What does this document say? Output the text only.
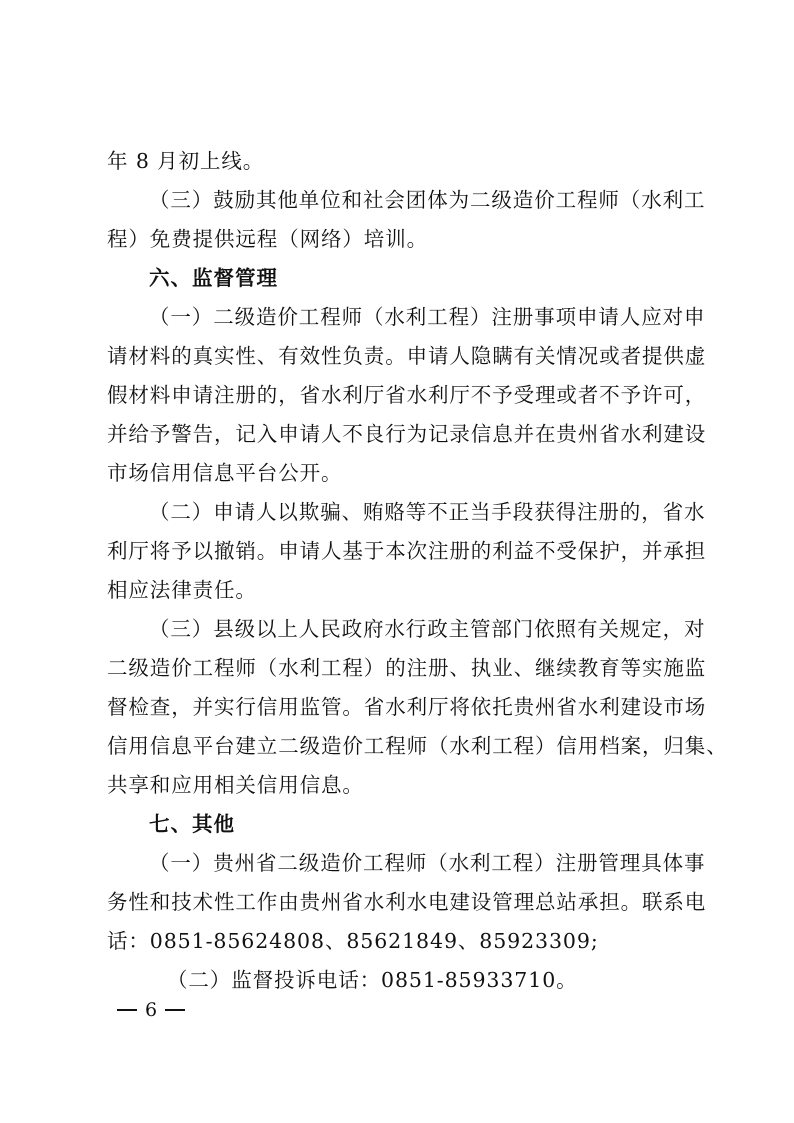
年 8 月初上线。
（三）鼓励其他单位和社会团体为二级造价工程师（水利工
程）免费提供远程（网络）培训。
六、监督管理
（一）二级造价工程师（水利工程）注册事项申请人应对申
请材料的真实性、有效性负责。申请人隐瞒有关情况或者提供虚
假材料申请注册的，省水利厅省水利厅不予受理或者不予许可，
并给予警告，记入申请人不良行为记录信息并在贵州省水利建设
市场信用信息平台公开。
（二）申请人以欺骗、贿赂等不正当手段获得注册的，省水
利厅将予以撤销。申请人基于本次注册的利益不受保护，并承担
相应法律责任。
（三）县级以上人民政府水行政主管部门依照有关规定，对
二级造价工程师（水利工程）的注册、执业、继续教育等实施监
督检查，并实行信用监管。省水利厅将依托贵州省水利建设市场
信用信息平台建立二级造价工程师（水利工程）信用档案，归集、
共享和应用相关信用信息。
七、其他
（一）贵州省二级造价工程师（水利工程）注册管理具体事
务性和技术性工作由贵州省水利水电建设管理总站承担。联系电
话：0851-85624808、85621849、85923309;
（二）监督投诉电话：0851-85933710。
6
